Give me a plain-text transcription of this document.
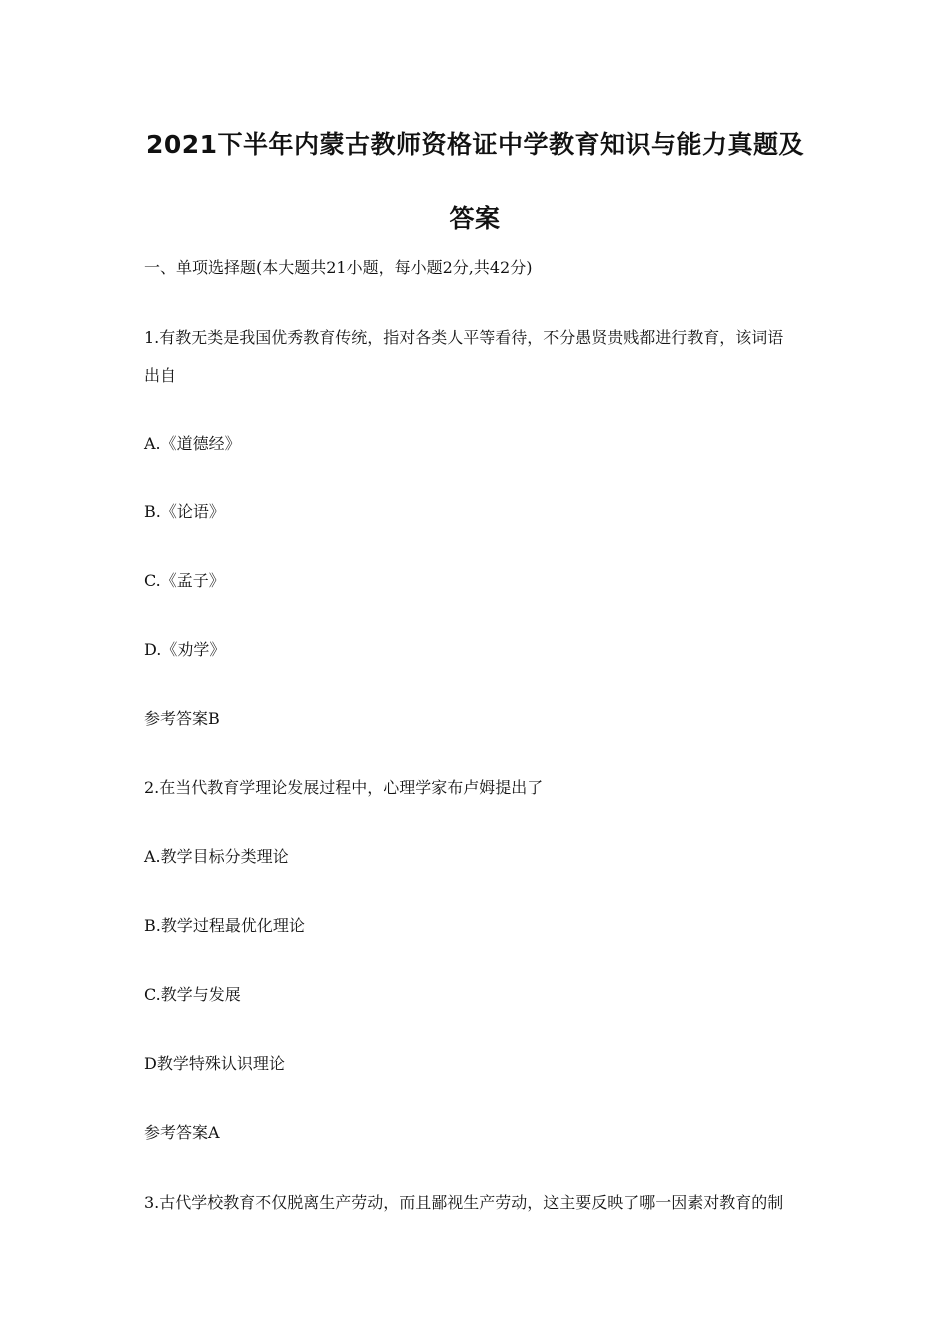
2021下半年内蒙古教师资格证中学教育知识与能力真题及
答案
一、单项选择题(本大题共21小题，每小题2分,共42分)
1.有教无类是我国优秀教育传统，指对各类人平等看待，不分愚贤贵贱都进行教育，该词语
出自
A.《道德经》
B.《论语》
C.《孟子》
D.《劝学》
参考答案B
2.在当代教育学理论发展过程中，心理学家布卢姆提出了
A.教学目标分类理论
B.教学过程最优化理论
C.教学与发展
D教学特殊认识理论
参考答案A
3.古代学校教育不仅脱离生产劳动，而且鄙视生产劳动，这主要反映了哪一因素对教育的制
